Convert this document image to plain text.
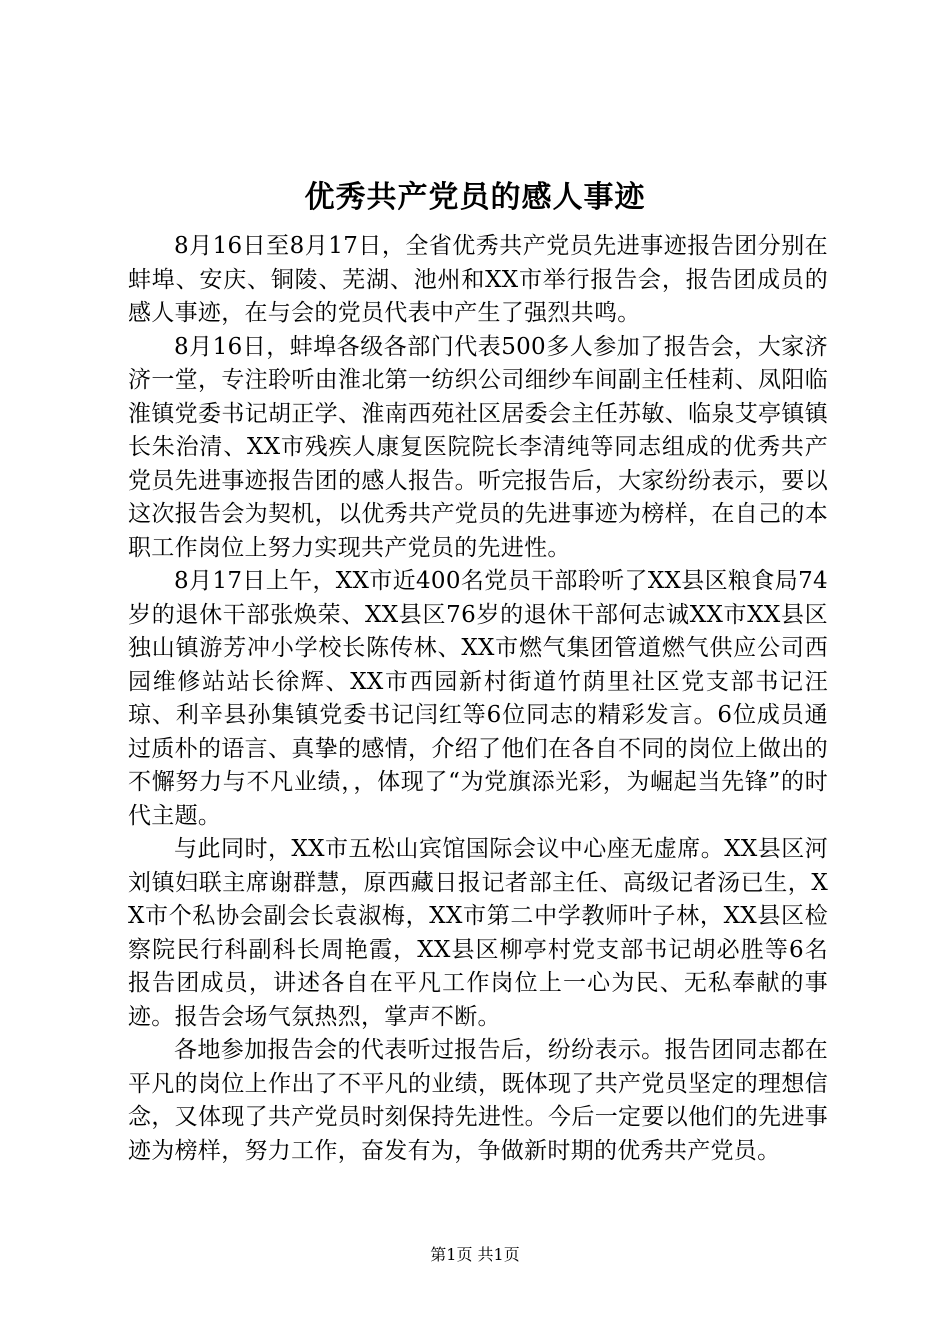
优秀共产党员的感人事迹

8月16日至8月17日，全省优秀共产党员先进事迹报告团分别在蚌埠、安庆、铜陵、芜湖、池州和XX市举行报告会，报告团成员的感人事迹，在与会的党员代表中产生了强烈共鸣。

8月16日，蚌埠各级各部门代表500多人参加了报告会，大家济济一堂，专注聆听由淮北第一纺织公司细纱车间副主任桂莉、凤阳临淮镇党委书记胡正学、淮南西苑社区居委会主任苏敏、临泉艾亭镇镇长朱治清、XX市残疾人康复医院院长李清纯等同志组成的优秀共产党员先进事迹报告团的感人报告。听完报告后，大家纷纷表示，要以这次报告会为契机，以优秀共产党员的先进事迹为榜样，在自己的本职工作岗位上努力实现共产党员的先进性。

8月17日上午，XX市近400名党员干部聆听了XX县区粮食局74岁的退休干部张焕荣、XX县区76岁的退休干部何志诚XX市XX县区独山镇游芳冲小学校长陈传林、XX市燃气集团管道燃气供应公司西园维修站站长徐辉、XX市西园新村街道竹荫里社区党支部书记汪琼、利辛县孙集镇党委书记闫红等6位同志的精彩发言。6位成员通过质朴的语言、真挚的感情，介绍了他们在各自不同的岗位上做出的不懈努力与不凡业绩，，体现了“为党旗添光彩，为崛起当先锋”的时代主题。

与此同时，XX市五松山宾馆国际会议中心座无虚席。XX县区河刘镇妇联主席谢群慧，原西藏日报记者部主任、高级记者汤已生，XX市个私协会副会长袁淑梅，XX市第二中学教师叶子林，XX县区检察院民行科副科长周艳霞，XX县区柳亭村党支部书记胡必胜等6名报告团成员，讲述各自在平凡工作岗位上一心为民、无私奉献的事迹。报告会场气氛热烈，掌声不断。

各地参加报告会的代表听过报告后，纷纷表示。报告团同志都在平凡的岗位上作出了不平凡的业绩，既体现了共产党员坚定的理想信念，又体现了共产党员时刻保持先进性。今后一定要以他们的先进事迹为榜样，努力工作，奋发有为，争做新时期的优秀共产党员。

第1页 共1页
